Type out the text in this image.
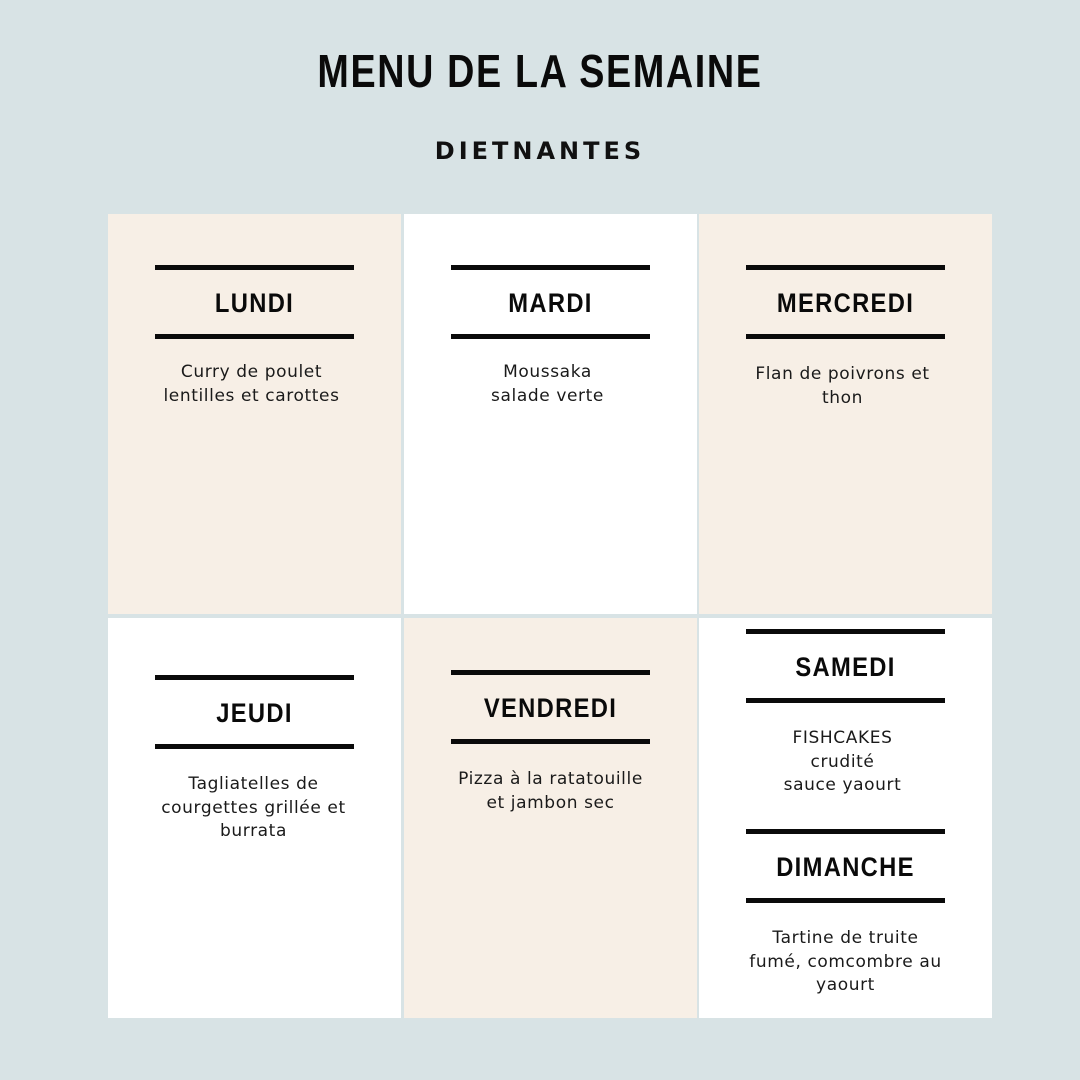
MENU DE LA SEMAINE
DIETNANTES
LUNDI
Curry de poulet
lentilles et carottes
MARDI
Moussaka
salade verte
MERCREDI
Flan de poivrons et
thon
JEUDI
Tagliatelles de
courgettes grillée et
burrata
VENDREDI
Pizza à la ratatouille
et jambon sec
SAMEDI
FISHCAKES
crudité
sauce yaourt
DIMANCHE
Tartine de truite
fumé, comcombre au
yaourt
